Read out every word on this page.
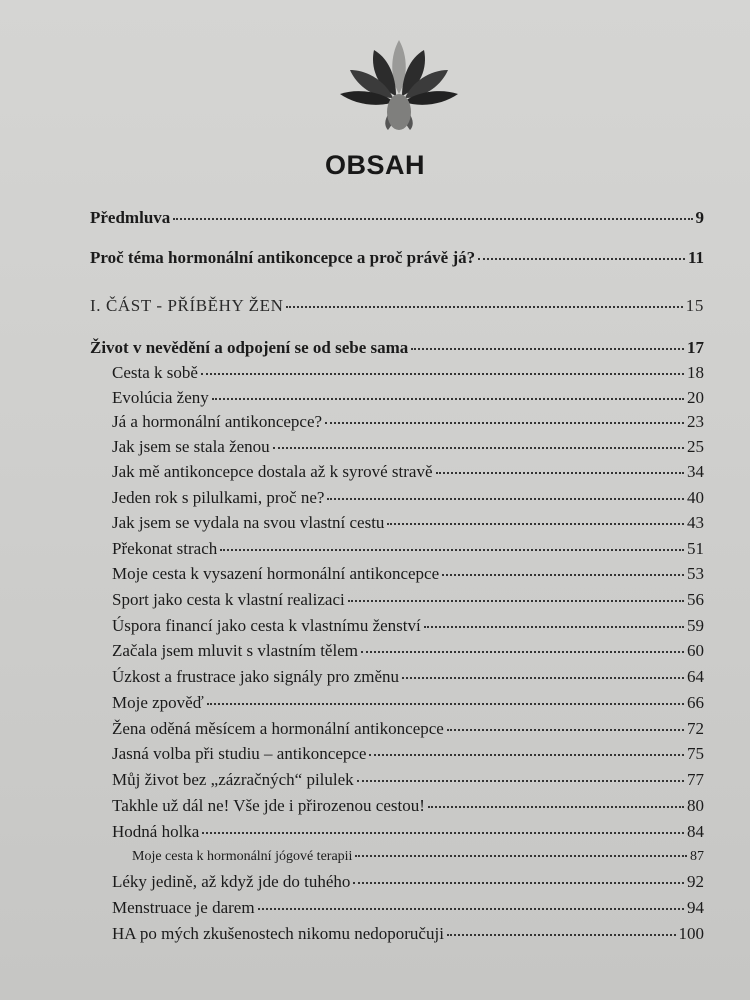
OBSAH
Předmluva	9
Proč téma hormonální antikoncepce a proč právě já?	11
I. ČÁST - PŘÍBĚHY ŽEN	15
Život v nevědění a odpojení se od sebe sama	17
Cesta k sobě	18
Evolúcia ženy	20
Já a hormonální antikoncepce?	23
Jak jsem se stala ženou	25
Jak mě antikoncepce dostala až k syrové stravě	34
Jeden rok s pilulkami, proč ne?	40
Jak jsem se vydala na svou vlastní cestu	43
Překonat strach	51
Moje cesta k vysazení hormonální antikoncepce	53
Sport jako cesta k vlastní realizaci	56
Úspora financí jako cesta k vlastnímu ženství	59
Začala jsem mluvit s vlastním tělem	60
Úzkost a frustrace jako signály pro změnu	64
Moje zpověď	66
Žena oděná měsícem a hormonální antikoncepce	72
Jasná volba při studiu – antikoncepce	75
Můj život bez „zázračných“ pilulek	77
Takhle už dál ne! Vše jde i přirozenou cestou!	80
Hodná holka	84
Moje cesta k hormonální jógové terapii	87
Léky jedině, až když jde do tuhého	92
Menstruace je darem	94
HA po mých zkušenostech nikomu nedoporučuji	100
